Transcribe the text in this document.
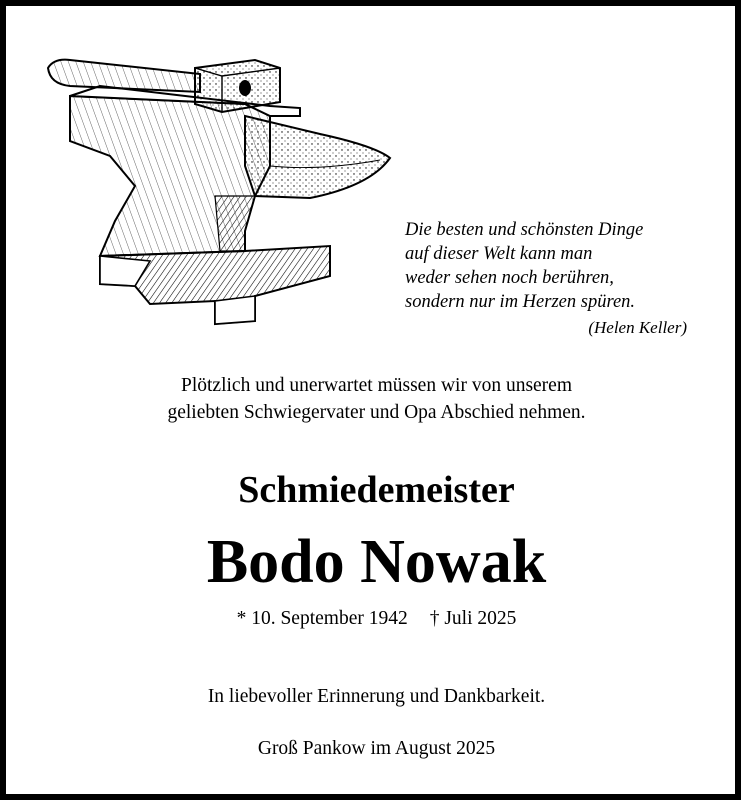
Die besten und schönsten Dinge
auf dieser Welt kann man
weder sehen noch berühren,
sondern nur im Herzen spüren.
(Helen Keller)
Plötzlich und unerwartet müssen wir von unserem
geliebten Schwiegervater und Opa Abschied nehmen.
Schmiedemeister
Bodo Nowak
* 10. September 1942 † Juli 2025
In liebevoller Erinnerung und Dankbarkeit.
Groß Pankow im August 2025
